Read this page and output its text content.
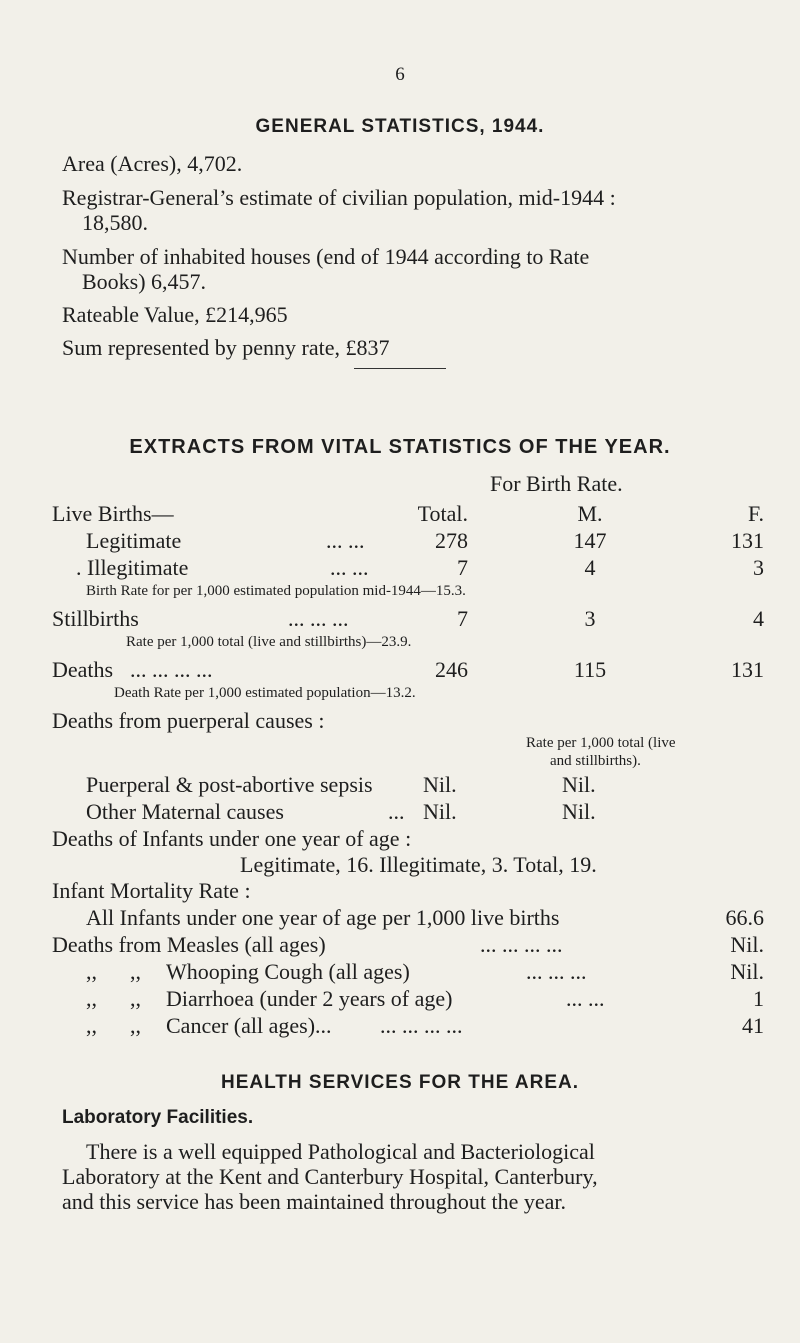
6
GENERAL STATISTICS, 1944.
Area (Acres), 4,702.
Registrar-General’s estimate of civilian population, mid-1944 :
18,580.
Number of inhabited houses (end of 1944 according to Rate
Books) 6,457.
Rateable Value, £214,965
Sum represented by penny rate, £837
EXTRACTS FROM VITAL STATISTICS OF THE YEAR.
For Birth Rate.
Live Births—	Total.	M.	F.
Legitimate	... ...	278	147	131
. Illegitimate	... ...	7	4	3
Birth Rate for per 1,000 estimated population mid-1944—15.3.
Stillbirths	... ... ...	7	3	4
Rate per 1,000 total (live and stillbirths)—23.9.
Deaths ... ... ... ...	246	115	131
Death Rate per 1,000 estimated population—13.2.
Deaths from puerperal causes :
Rate per 1,000 total (live
and stillbirths).
Puerperal & post-abortive sepsis Nil.	Nil.
Other Maternal causes	... Nil.	Nil.
Deaths of Infants under one year of age :
Legitimate, 16. Illegitimate, 3. Total, 19.
Infant Mortality Rate :
All Infants under one year of age per 1,000 live births	66.6
Deaths from Measles (all ages)	... ... ... ...	Nil.
,, ,, Whooping Cough (all ages)	... ... ...	Nil.
,, ,, Diarrhoea (under 2 years of age)	... ...	1
,, ,, Cancer (all ages)... ... ... ... ...	41
HEALTH SERVICES FOR THE AREA.
Laboratory Facilities.
There is a well equipped Pathological and Bacteriological
Laboratory at the Kent and Canterbury Hospital, Canterbury,
and this service has been maintained throughout the year.
